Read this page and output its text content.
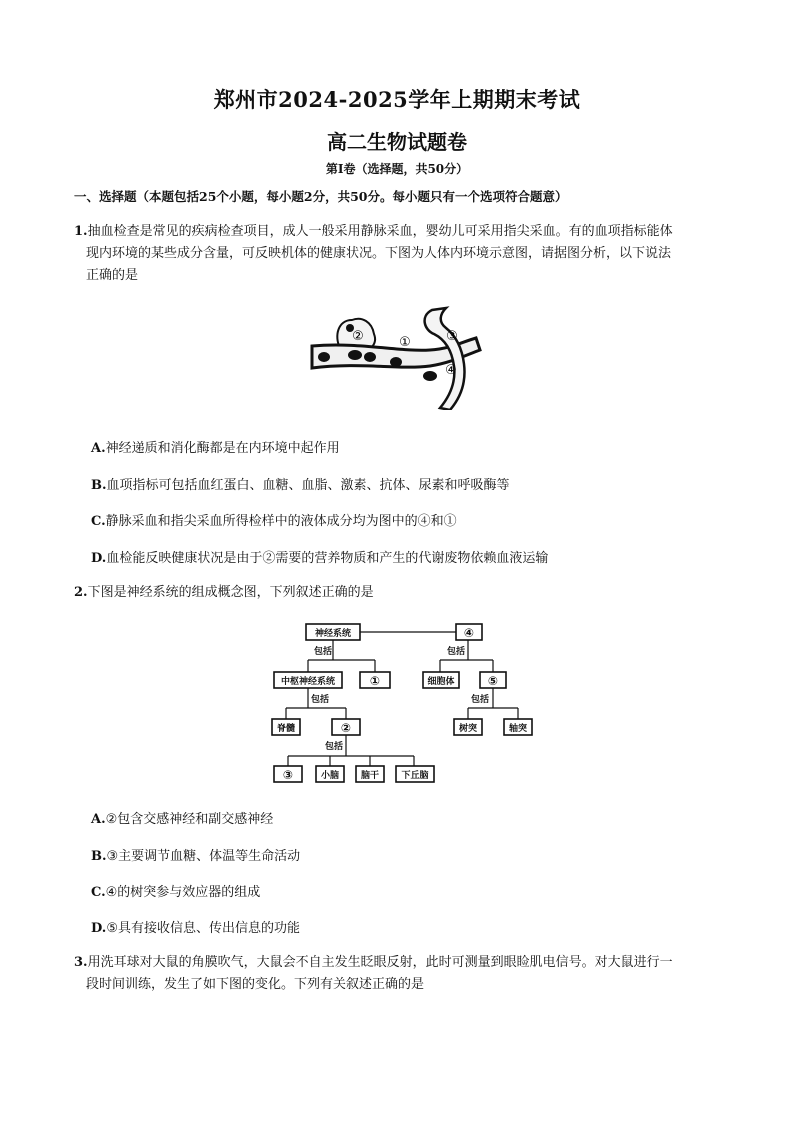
郑州市2024-2025学年上期期末考试
高二生物试题卷
第Ⅰ卷（选择题，共50分）
一、选择题（本题包括25个小题，每小题2分，共50分。每小题只有一个选项符合题意）
1.抽血检查是常见的疾病检查项目，成人一般采用静脉采血，婴幼儿可采用指尖采血。有的血项指标能体
现内环境的某些成分含量，可反映机体的健康状况。下图为人体内环境示意图，请据图分析，以下说法
正确的是
②	①	③
④
A.神经递质和消化酶都是在内环境中起作用
B.血项指标可包括血红蛋白、血糖、血脂、激素、抗体、尿素和呼吸酶等
C.静脉采血和指尖采血所得检样中的液体成分均为图中的④和①
D.血检能反映健康状况是由于②需要的营养物质和产生的代谢废物依赖血液运输
2.下图是神经系统的组成概念图，下列叙述正确的是
神经系统	④
包括	包括
中枢神经系统	①	细胞体	⑤
包括	包括
脊髓	②	树突	轴突
包括
③	小脑 脑干 下丘脑
A.②包含交感神经和副交感神经
B.③主要调节血糖、体温等生命活动
C.④的树突参与效应器的组成
D.⑤具有接收信息、传出信息的功能
3.用洗耳球对大鼠的角膜吹气，大鼠会不自主发生眨眼反射，此时可测量到眼睑肌电信号。对大鼠进行一
段时间训练，发生了如下图的变化。下列有关叙述正确的是
